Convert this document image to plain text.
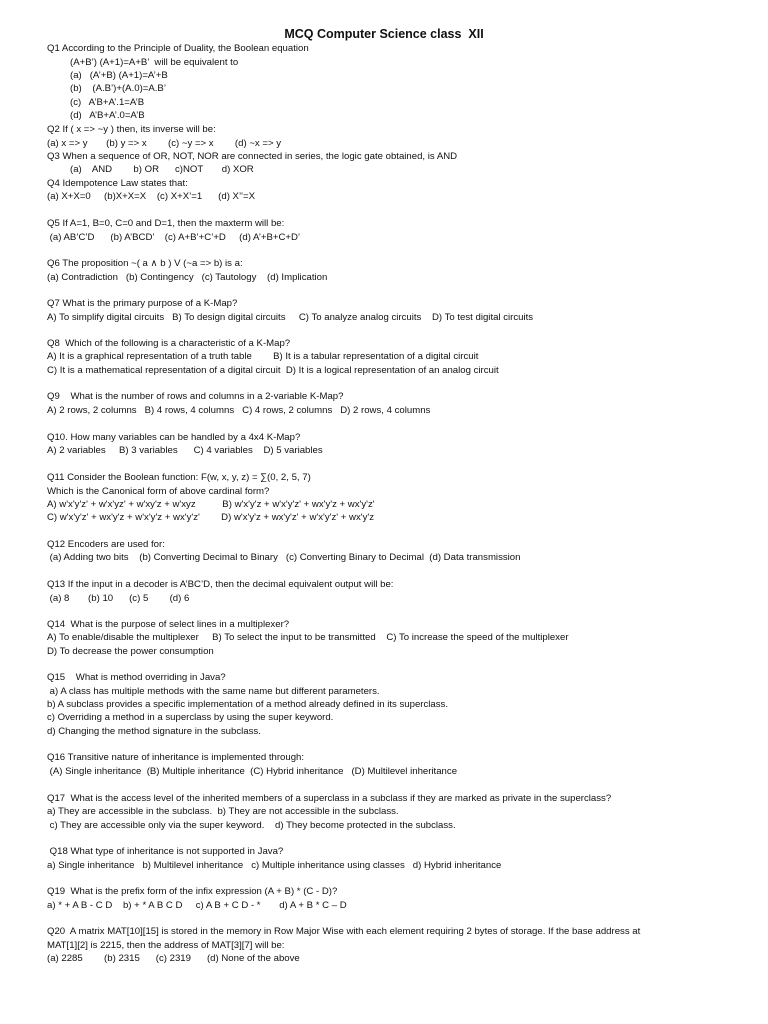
MCQ Computer Science class  XII
Q1 According to the Principle of Duality, the Boolean equation
(A+B’) (A+1)=A+B’  will be equivalent to
(a)   (A’+B) (A+1)=A’+B
(b)    (A.B’)+(A.0)=A.B’
(c)   A’B+A’.1=A’B
(d)   A’B+A’.0=A’B
Q2 If ( x => ~y ) then, its inverse will be:
(a) x => y       (b) y => x        (c) ~y => x        (d) ~x => y
Q3 When a sequence of OR, NOT, NOR are connected in series, the logic gate obtained, is AND
(a)    AND        b) OR      c)NOT       d) XOR
Q4 Idempotence Law states that:
(a) X+X=0     (b)X+X=X    (c) X+X’=1      (d) X’’=X
Q5 If A=1, B=0, C=0 and D=1, then the maxterm will be:
(a) AB’C’D      (b) A’BCD’    (c) A+B’+C’+D     (d) A’+B+C+D’
Q6 The proposition ~( a ∧ b ) V (~a => b) is a:
(a) Contradiction   (b) Contingency   (c) Tautology    (d) Implication
Q7 What is the primary purpose of a K-Map?
A) To simplify digital circuits   B) To design digital circuits     C) To analyze analog circuits    D) To test digital circuits
Q8  Which of the following is a characteristic of a K-Map?
A) It is a graphical representation of a truth table        B) It is a tabular representation of a digital circuit
C) It is a mathematical representation of a digital circuit  D) It is a logical representation of an analog circuit
Q9    What is the number of rows and columns in a 2-variable K-Map?
A) 2 rows, 2 columns   B) 4 rows, 4 columns   C) 4 rows, 2 columns   D) 2 rows, 4 columns
Q10. How many variables can be handled by a 4x4 K-Map?
A) 2 variables     B) 3 variables      C) 4 variables    D) 5 variables
Q11 Consider the Boolean function: F(w, x, y, z) = ∑(0, 2, 5, 7)
Which is the Canonical form of above cardinal form?
A) w'x'y'z' + w'x'yz' + w'xy'z + w'xyz          B) w'x'y'z + w'x'y'z' + wx'y'z + wx'y'z'
C) w'x'y'z' + wx'y'z + w'x'y'z + wx'y'z'        D) w'x'y'z + wx'y'z' + w'x'y'z' + wx'y'z
Q12 Encoders are used for:
(a) Adding two bits    (b) Converting Decimal to Binary   (c) Converting Binary to Decimal  (d) Data transmission
Q13 If the input in a decoder is A’BC’D, then the decimal equivalent output will be:
(a) 8       (b) 10      (c) 5        (d) 6
Q14  What is the purpose of select lines in a multiplexer?
A) To enable/disable the multiplexer     B) To select the input to be transmitted    C) To increase the speed of the multiplexer
D) To decrease the power consumption
Q15    What is method overriding in Java?
a) A class has multiple methods with the same name but different parameters.
b) A subclass provides a specific implementation of a method already defined in its superclass.
c) Overriding a method in a superclass by using the super keyword.
d) Changing the method signature in the subclass.
Q16 Transitive nature of inheritance is implemented through:
(A) Single inheritance  (B) Multiple inheritance  (C) Hybrid inheritance   (D) Multilevel inheritance
Q17  What is the access level of the inherited members of a superclass in a subclass if they are marked as private in the superclass?
a) They are accessible in the subclass.  b) They are not accessible in the subclass.
c) They are accessible only via the super keyword.    d) They become protected in the subclass.
Q18 What type of inheritance is not supported in Java?
a) Single inheritance   b) Multilevel inheritance   c) Multiple inheritance using classes   d) Hybrid inheritance
Q19  What is the prefix form of the infix expression (A + B) * (C - D)?
a) * + A B - C D    b) + * A B C D     c) A B + C D - *       d) A + B * C – D
Q20  A matrix MAT[10][15] is stored in the memory in Row Major Wise with each element requiring 2 bytes of storage. If the base address at
MAT[1][2] is 2215, then the address of MAT[3][7] will be:
(a) 2285        (b) 2315      (c) 2319      (d) None of the above
